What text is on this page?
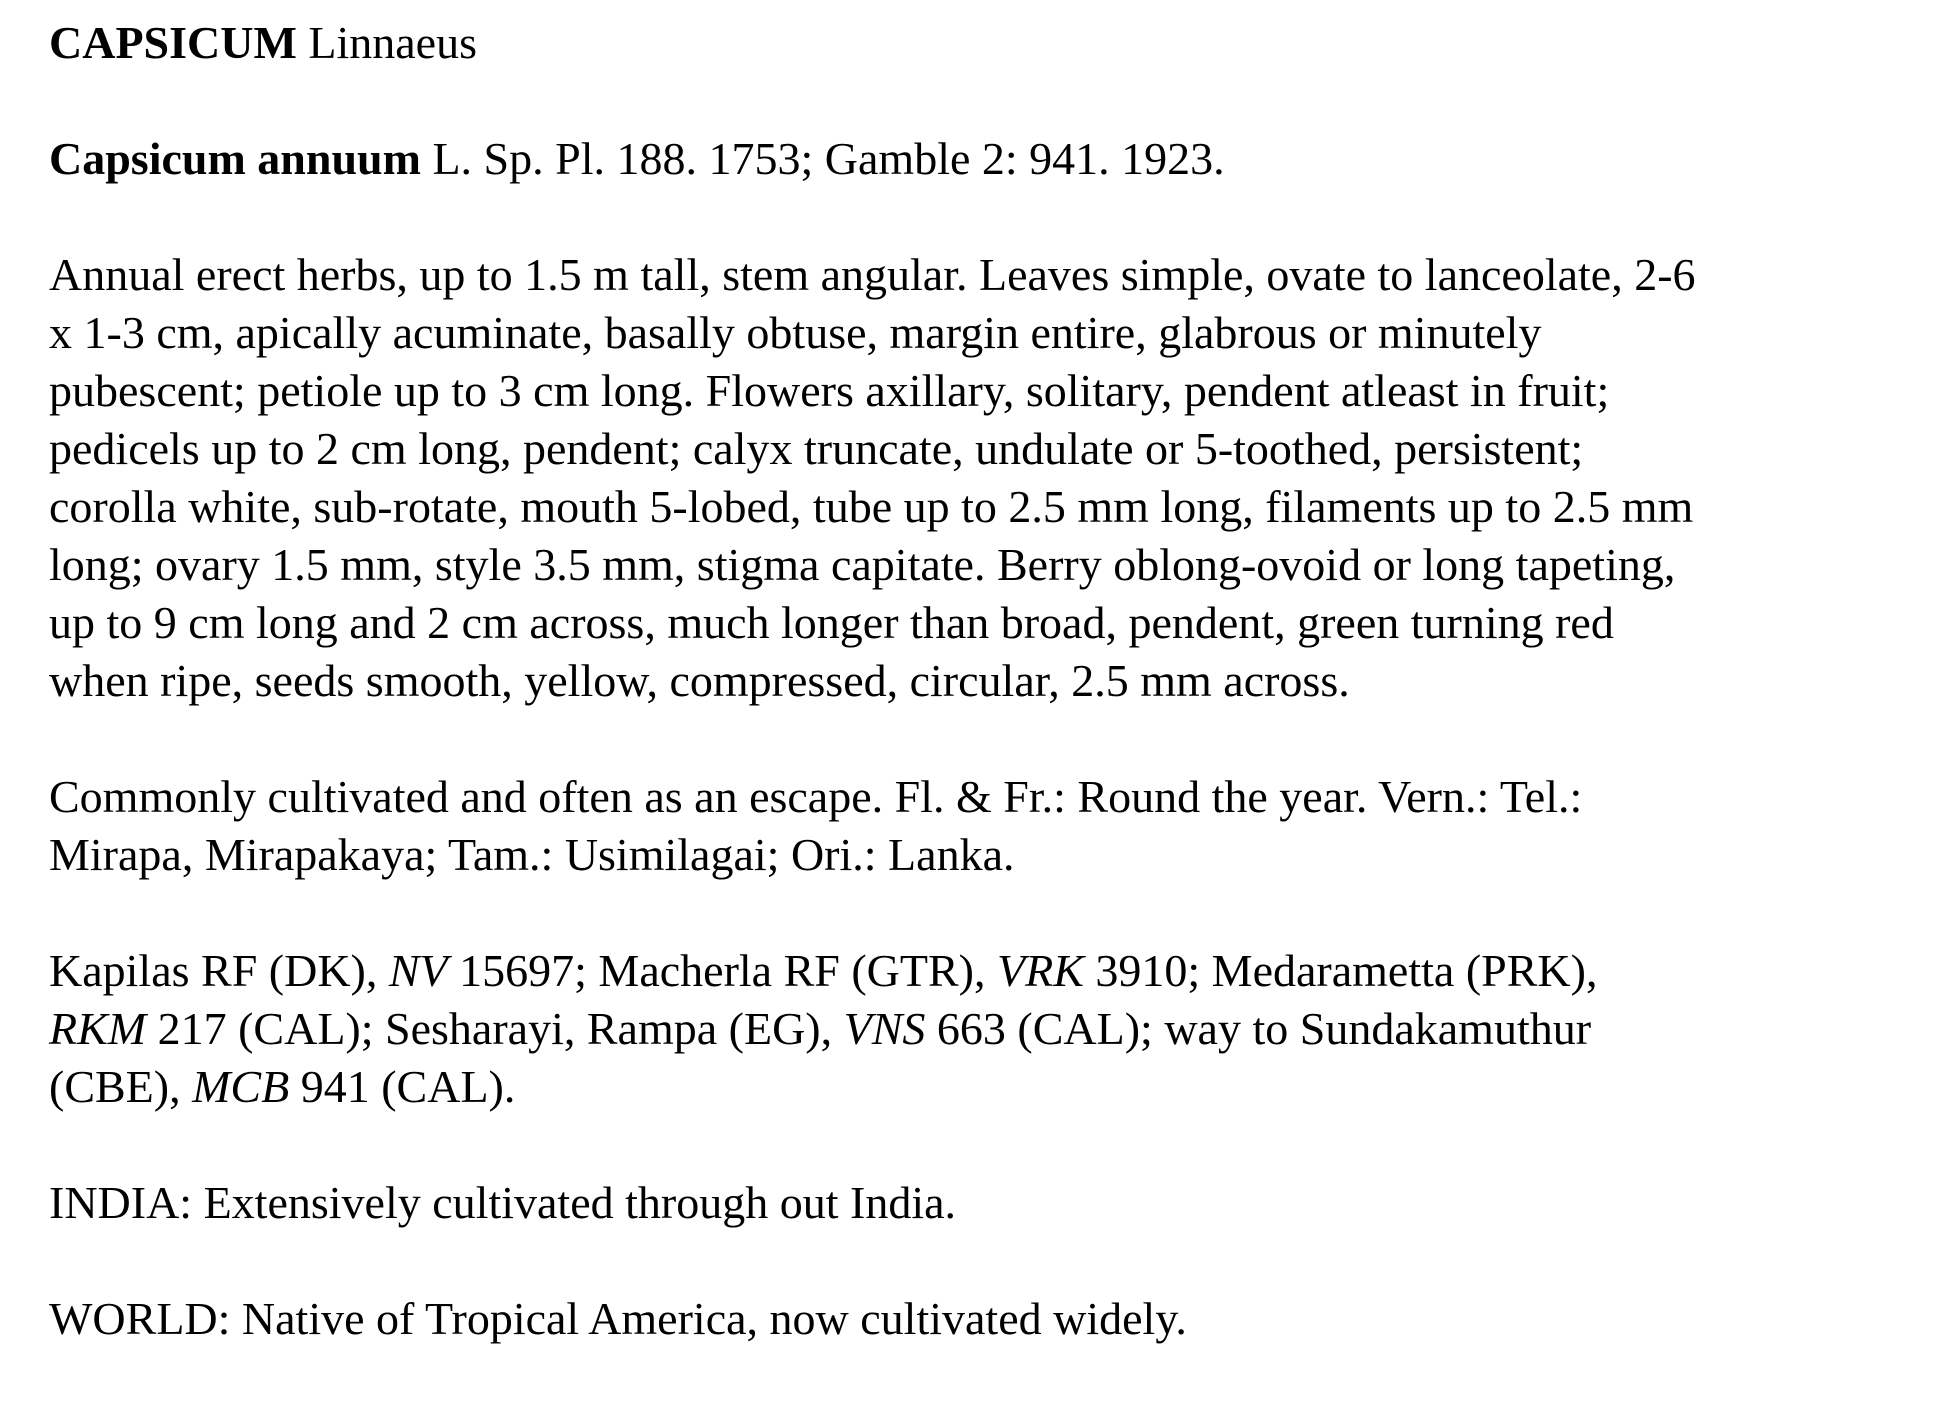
CAPSICUM Linnaeus

Capsicum annuum L. Sp. Pl. 188. 1753; Gamble 2: 941. 1923.

Annual erect herbs, up to 1.5 m tall, stem angular. Leaves simple, ovate to lanceolate, 2-6
x 1-3 cm, apically acuminate, basally obtuse, margin entire, glabrous or minutely
pubescent; petiole up to 3 cm long. Flowers axillary, solitary, pendent atleast in fruit;
pedicels up to 2 cm long, pendent; calyx truncate, undulate or 5-toothed, persistent;
corolla white, sub-rotate, mouth 5-lobed, tube up to 2.5 mm long, filaments up to 2.5 mm
long; ovary 1.5 mm, style 3.5 mm, stigma capitate. Berry oblong-ovoid or long tapeting,
up to 9 cm long and 2 cm across, much longer than broad, pendent, green turning red
when ripe, seeds smooth, yellow, compressed, circular, 2.5 mm across.

Commonly cultivated and often as an escape. Fl. & Fr.: Round the year. Vern.: Tel.:
Mirapa, Mirapakaya; Tam.: Usimilagai; Ori.: Lanka.

Kapilas RF (DK), NV 15697; Macherla RF (GTR), VRK 3910; Medarametta (PRK),
RKM 217 (CAL); Sesharayi, Rampa (EG), VNS 663 (CAL); way to Sundakamuthur
(CBE), MCB 941 (CAL).

INDIA: Extensively cultivated through out India.

WORLD: Native of Tropical America, now cultivated widely.
